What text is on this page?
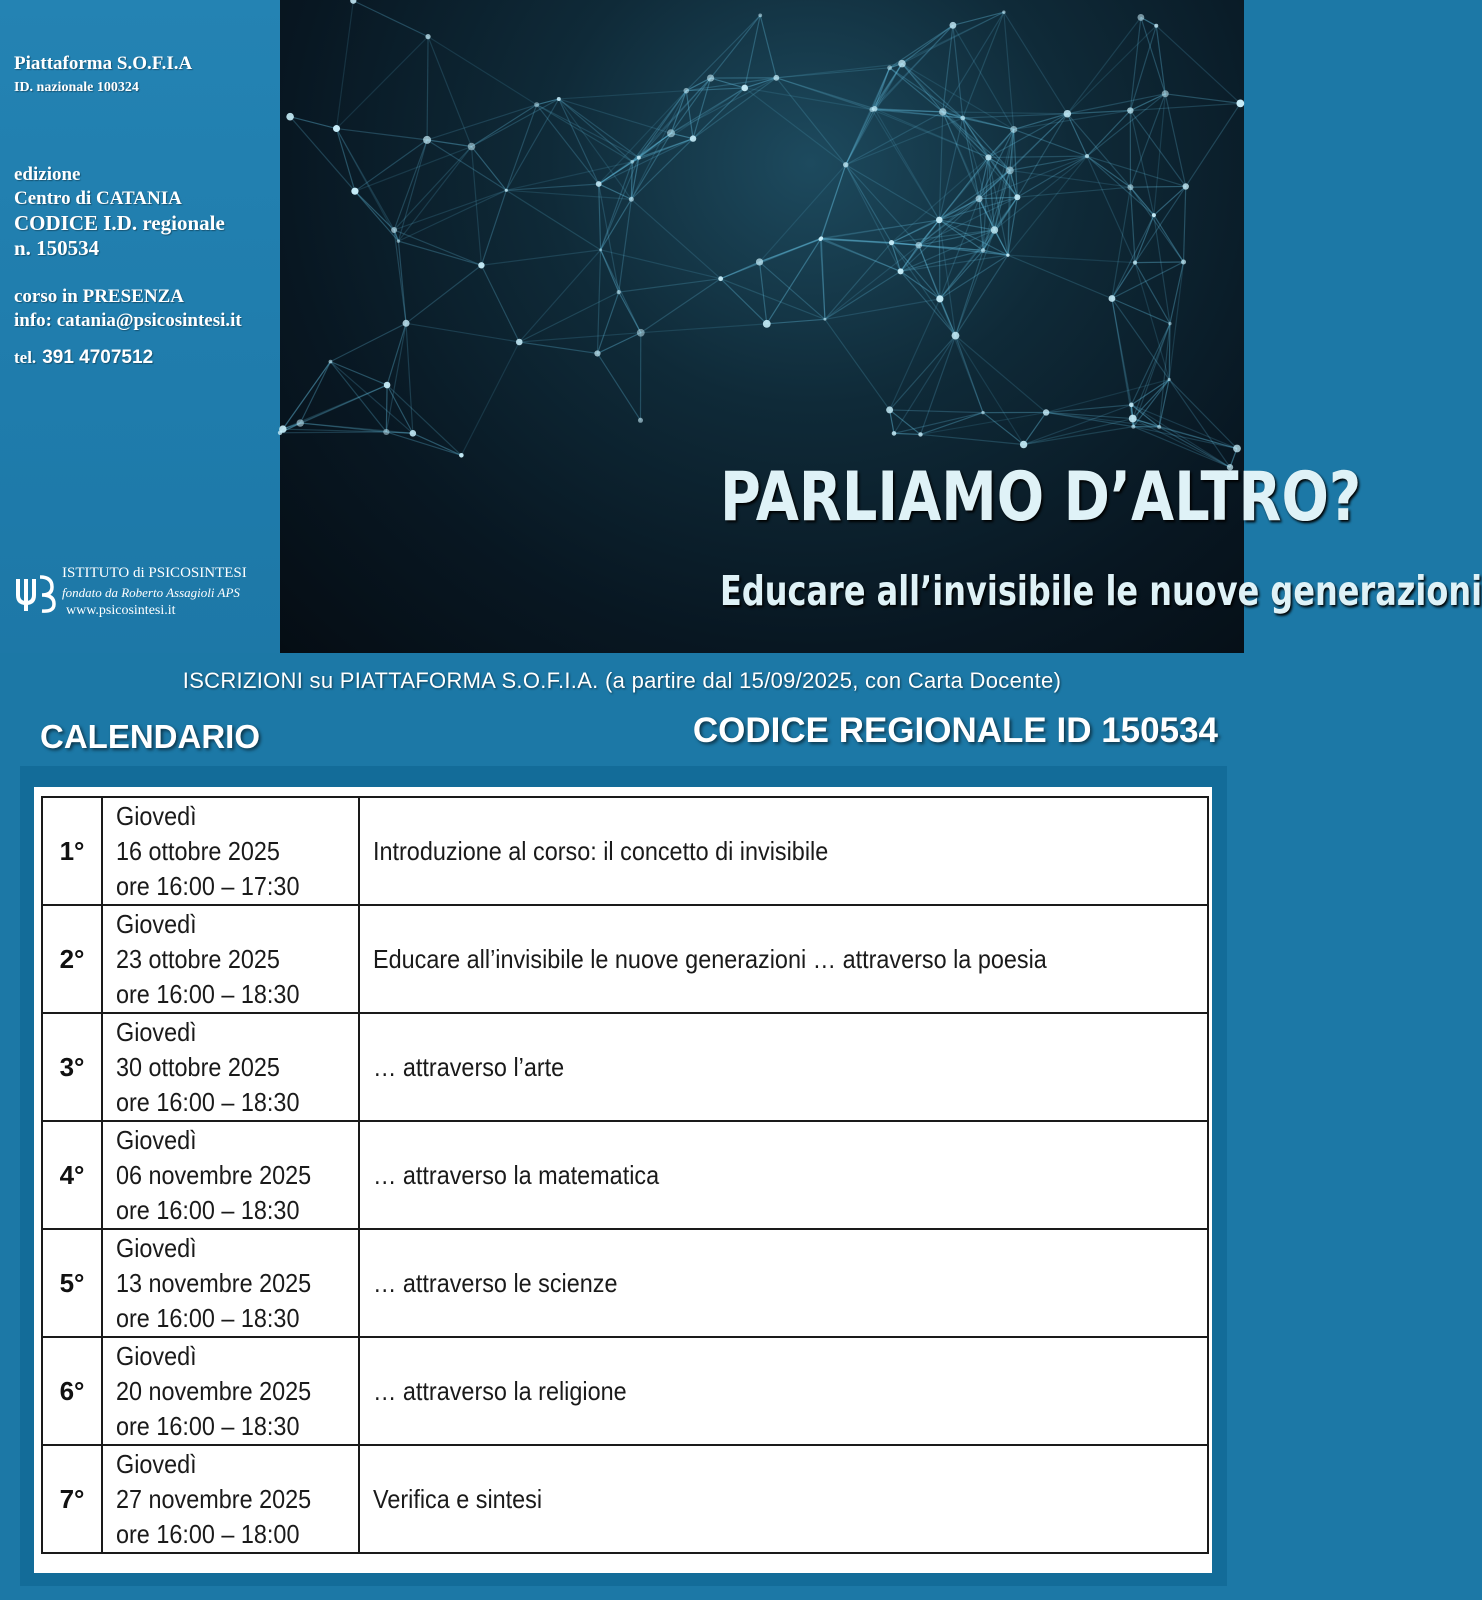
Piattaforma S.O.F.I.A
ID. nazionale 100324
edizione
Centro di CATANIA
CODICE I.D. regionale
n. 150534
corso in PRESENZA
info: catania@psicosintesi.it
tel. 391 4707512
ISTITUTO di PSICOSINTESI
fondato da Roberto Assagioli APS
www.psicosintesi.it
PARLIAMO D’ALTRO?
Educare all’invisibile le nuove generazioni
ISCRIZIONI su PIATTAFORMA S.O.F.I.A. (a partire dal 15/09/2025, con Carta Docente)
CALENDARIO	CODICE REGIONALE ID 150534
1°	Giovedì
16 ottobre 2025
ore 16:00 – 17:30	Introduzione al corso: il concetto di invisibile
2°	Giovedì
23 ottobre 2025
ore 16:00 – 18:30	Educare all’invisibile le nuove generazioni … attraverso la poesia
3°	Giovedì
30 ottobre 2025
ore 16:00 – 18:30	… attraverso l’arte
4°	Giovedì
06 novembre 2025
ore 16:00 – 18:30	… attraverso la matematica
5°	Giovedì
13 novembre 2025
ore 16:00 – 18:30	… attraverso le scienze
6°	Giovedì
20 novembre 2025
ore 16:00 – 18:30	… attraverso la religione
7°	Giovedì
27 novembre 2025
ore 16:00 – 18:00	Verifica e sintesi
